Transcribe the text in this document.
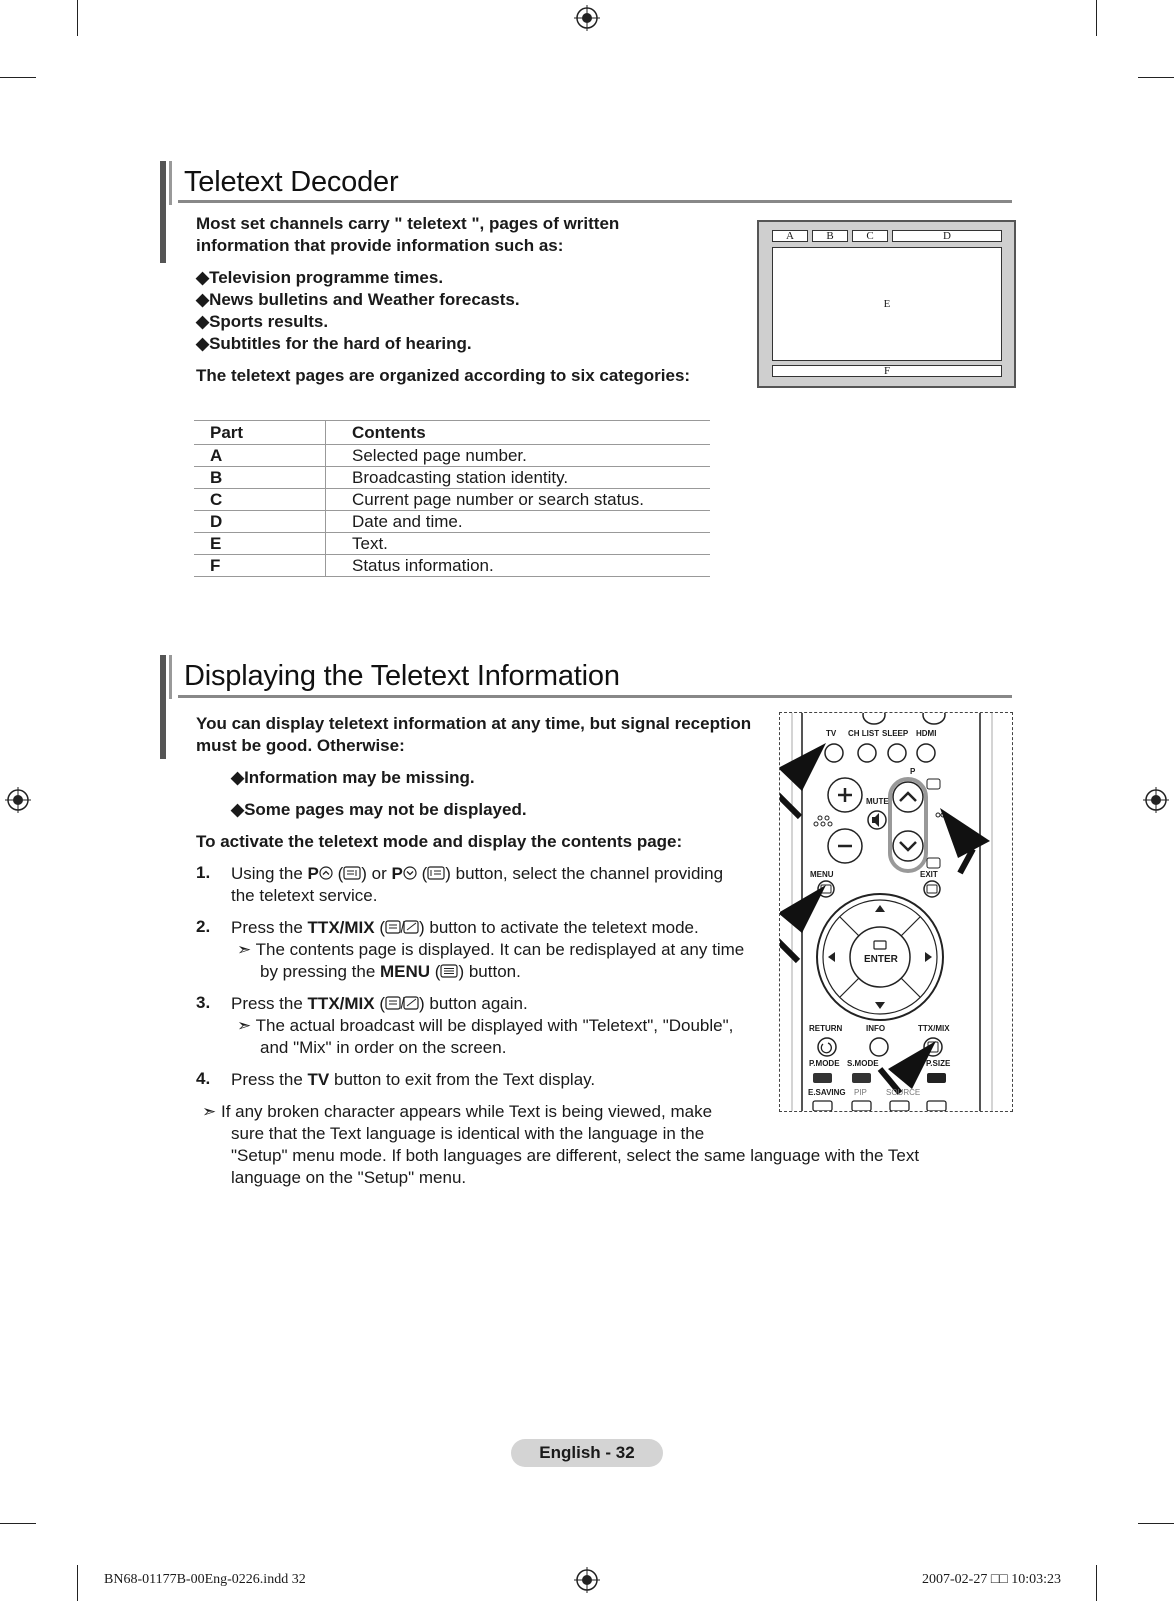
Teletext Decoder
Most set channels carry " teletext ", pages of written
information that provide information such as:
◆Television programme times.
◆News bulletins and Weather forecasts.
◆Sports results.
◆Subtitles for the hard of hearing.
The teletext pages are organized according to six categories:
A	B	C	D
E
F
Part	Contents
A	Selected page number.
B	Broadcasting station identity.
C	Current page number or search status.
D	Date and time.
E	Text.
F	Status information.
Displaying the Teletext Information
You can display teletext information at any time, but signal reception
must be good. Otherwise:
◆Information may be missing.
◆Some pages may not be displayed.
To activate the teletext mode and display the contents page:
1. Using the P ( ) or P ( ) button, select the channel providing
the teletext service.
2. Press the TTX/MIX ( ) button to activate the teletext mode.
➣ The contents page is displayed. It can be redisplayed at any time
by pressing the MENU ( ) button.
3. Press the TTX/MIX ( ) button again.
➣ The actual broadcast will be displayed with "Teletext", "Double",
and "Mix" in order on the screen.
4. Press the TV button to exit from the Text display.
➣ If any broken character appears while Text is being viewed, make
sure that the Text language is identical with the language in the
"Setup" menu mode. If both languages are different, select the same language with the Text
language on the "Setup" menu.
TV CH LIST SLEEP HDMI
P
MUTE
MENU	EXIT
ENTER
RETURN	INFO	TTX/MIX
P.MODE S.MODE	P.SIZE
E.SAVING PIP SOURCE
English - 32
BN68-01177B-00Eng-0226.indd 32	2007-02-27 □□ 10:03:23
